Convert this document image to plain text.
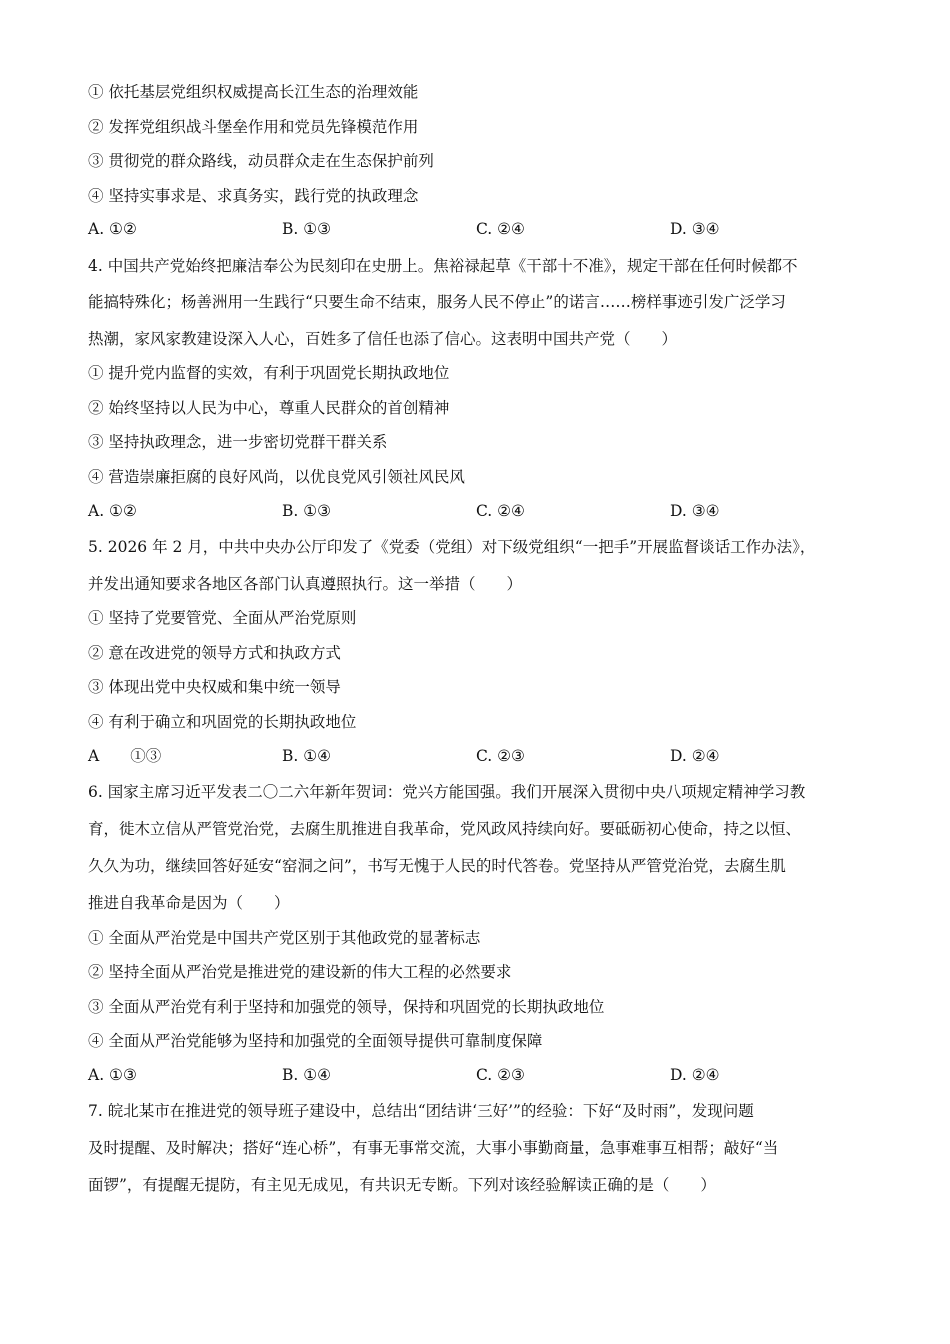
① 依托基层党组织权威提高长江生态的治理效能
② 发挥党组织战斗堡垒作用和党员先锋模范作用
③ 贯彻党的群众路线，动员群众走在生态保护前列
④ 坚持实事求是、求真务实，践行党的执政理念
A. ①②	B. ①③	C. ②④	D. ③④
4. 中国共产党始终把廉洁奉公为民刻印在史册上。焦裕禄起草《干部十不准》，规定干部在任何时候都不
能搞特殊化；杨善洲用一生践行“只要生命不结束，服务人民不停止”的诺言……榜样事迹引发广泛学习
热潮，家风家教建设深入人心，百姓多了信任也添了信心。这表明中国共产党（　　）
① 提升党内监督的实效，有利于巩固党长期执政地位
② 始终坚持以人民为中心，尊重人民群众的首创精神
③ 坚持执政理念，进一步密切党群干群关系
④ 营造崇廉拒腐的良好风尚，以优良党风引领社风民风
A. ①②	B. ①③	C. ②④	D. ③④
5. 2026 年 2 月，中共中央办公厅印发了《党委（党组）对下级党组织“一把手”开展监督谈话工作办法》，
并发出通知要求各地区各部门认真遵照执行。这一举措（　　）
① 坚持了党要管党、全面从严治党原则
② 意在改进党的领导方式和执政方式
③ 体现出党中央权威和集中统一领导
④ 有利于确立和巩固党的长期执政地位
A　　①③	B. ①④	C. ②③	D. ②④
6. 国家主席习近平发表二〇二六年新年贺词：党兴方能国强。我们开展深入贯彻中央八项规定精神学习教
育，徙木立信从严管党治党，去腐生肌推进自我革命，党风政风持续向好。要砥砺初心使命，持之以恒、
久久为功，继续回答好延安“窑洞之问”，书写无愧于人民的时代答卷。党坚持从严管党治党，去腐生肌
推进自我革命是因为（　　）
① 全面从严治党是中国共产党区别于其他政党的显著标志
② 坚持全面从严治党是推进党的建设新的伟大工程的必然要求
③ 全面从严治党有利于坚持和加强党的领导，保持和巩固党的长期执政地位
④ 全面从严治党能够为坚持和加强党的全面领导提供可靠制度保障
A. ①③	B. ①④	C. ②③	D. ②④
7. 皖北某市在推进党的领导班子建设中，总结出“团结讲‘三好’”的经验：下好“及时雨”，发现问题
及时提醒、及时解决；搭好“连心桥”，有事无事常交流，大事小事勤商量，急事难事互相帮；敲好“当
面锣”，有提醒无提防，有主见无成见，有共识无专断。下列对该经验解读正确的是（　　）
